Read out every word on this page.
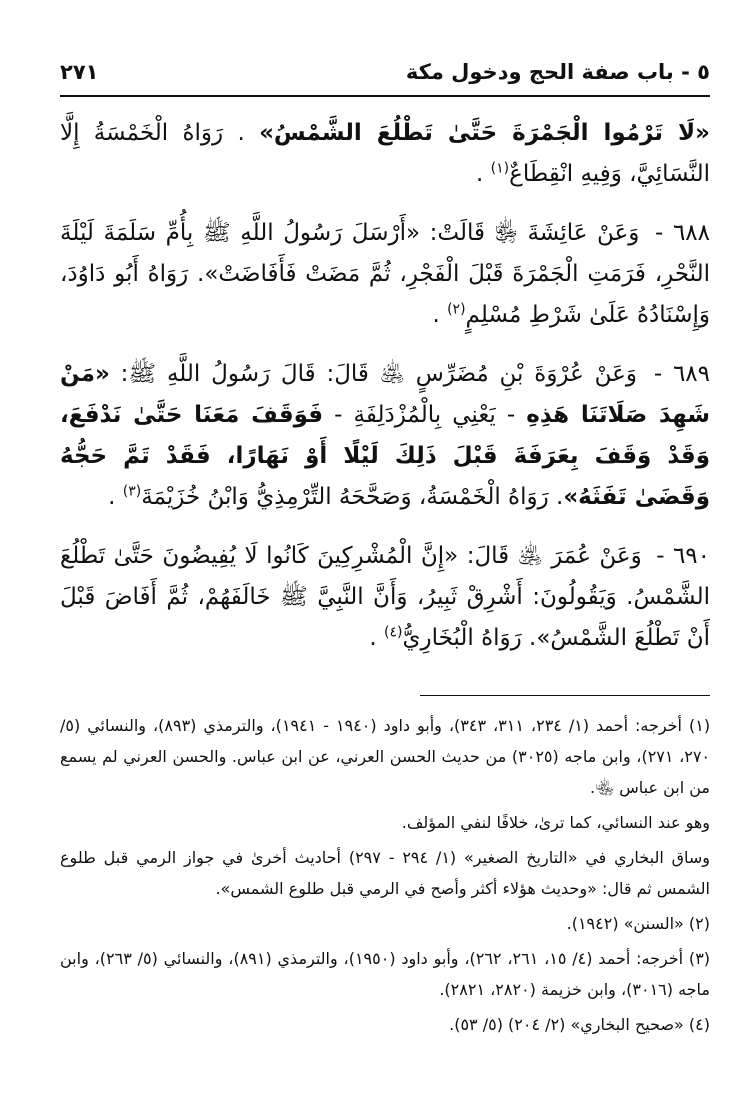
٥ - باب صفة الحج ودخول مكة
٢٧١

«لَا تَرْمُوا الْجَمْرَةَ حَتَّىٰ تَطْلُعَ الشَّمْسُ» . رَوَاهُ الْخَمْسَةُ إِلَّا النَّسَائِيَّ، وَفِيهِ انْقِطَاعٌ$^{(١)}$ .

٦٨٨ - وَعَنْ عَائِشَةَ ﵂ قَالَتْ: «أَرْسَلَ رَسُولُ اللَّهِ ﷺ بِأُمِّ سَلَمَةَ لَيْلَةَ النَّحْرِ، فَرَمَتِ الْجَمْرَةَ قَبْلَ الْفَجْرِ، ثُمَّ مَضَتْ فَأَفَاضَتْ». رَوَاهُ أَبُو دَاوُدَ، وَإِسْنَادُهُ عَلَىٰ شَرْطِ مُسْلِمٍ$^{(٢)}$ .

٦٨٩ - وَعَنْ عُرْوَةَ بْنِ مُضَرِّسٍ ﵁ قَالَ: قَالَ رَسُولُ اللَّهِ ﷺ: «مَنْ شَهِدَ صَلَاتَنَا هَذِهِ - يَعْنِي بِالْمُزْدَلِفَةِ - فَوَقَفَ مَعَنَا حَتَّىٰ نَدْفَعَ، وَقَدْ وَقَفَ بِعَرَفَةَ قَبْلَ ذَلِكَ لَيْلًا أَوْ نَهَارًا، فَقَدْ تَمَّ حَجُّهُ وَقَضَىٰ تَفَثَهُ». رَوَاهُ الْخَمْسَةُ، وَصَحَّحَهُ التِّرْمِذِيُّ وَابْنُ خُزَيْمَةَ$^{(٣)}$ .

٦٩٠ - وَعَنْ عُمَرَ ﵁ قَالَ: «إِنَّ الْمُشْرِكِينَ كَانُوا لَا يُفِيضُونَ حَتَّىٰ تَطْلُعَ الشَّمْسُ. وَيَقُولُونَ: أَشْرِقْ ثَبِيرُ، وَأَنَّ النَّبِيَّ ﷺ خَالَفَهُمْ، ثُمَّ أَفَاضَ قَبْلَ أَنْ تَطْلُعَ الشَّمْسُ». رَوَاهُ الْبُخَارِيُّ$^{(٤)}$ .

(١) أخرجه: أحمد (١/ ٢٣٤، ٣١١، ٣٤٣)، وأبو داود (١٩٤٠ - ١٩٤١)، والترمذي (٨٩٣)، والنسائي (٥/ ٢٧٠، ٢٧١)، وابن ماجه (٣٠٢٥) من حديث الحسن العرني، عن ابن عباس. والحسن العرني لم يسمع من ابن عباس ﵄.

وهو عند النسائي، كما ترىٰ، خلافًا لنفي المؤلف.

وساق البخاري في «التاريخ الصغير» (١/ ٢٩٤ - ٢٩٧) أحاديث أخرىٰ في جواز الرمي قبل طلوع الشمس ثم قال: «وحديث هؤلاء أكثر وأصح في الرمي قبل طلوع الشمس».

(٢) «السنن» (١٩٤٢).

(٣) أخرجه: أحمد (٤/ ١٥، ٢٦١، ٢٦٢)، وأبو داود (١٩٥٠)، والترمذي (٨٩١)، والنسائي (٥/ ٢٦٣)، وابن ماجه (٣٠١٦)، وابن خزيمة (٢٨٢٠، ٢٨٢١).

(٤) «صحيح البخاري» (٢/ ٢٠٤) (٥/ ٥٣).
